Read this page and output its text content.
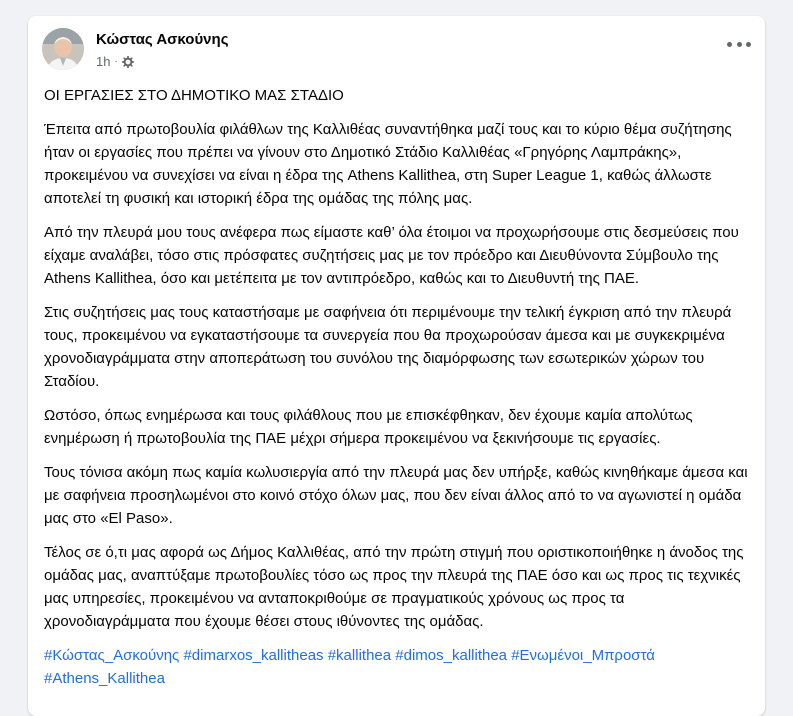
Κώστας Ασκούνης
1h ·

ΟΙ ΕΡΓΑΣΙΕΣ ΣΤΟ ΔΗΜΟΤΙΚΟ ΜΑΣ ΣΤΑΔΙΟ

Έπειτα από πρωτοβουλία φιλάθλων της Καλλιθέας συναντήθηκα μαζί τους και το κύριο θέμα συζήτησης ήταν οι εργασίες που πρέπει να γίνουν στο Δημοτικό Στάδιο Καλλιθέας «Γρηγόρης Λαμπράκης», προκειμένου να συνεχίσει να είναι η έδρα της Athens Kallithea, στη Super League 1, καθώς άλλωστε αποτελεί τη φυσική και ιστορική έδρα της ομάδας της πόλης μας.

Από την πλευρά μου τους ανέφερα πως είμαστε καθ’ όλα έτοιμοι να προχωρήσουμε στις δεσμεύσεις που είχαμε αναλάβει, τόσο στις πρόσφατες συζητήσεις μας με τον πρόεδρο και Διευθύνοντα Σύμβουλο της Athens Kallithea, όσο και μετέπειτα με τον αντιπρόεδρο, καθώς και το Διευθυντή της ΠΑΕ.

Στις συζητήσεις μας τους καταστήσαμε με σαφήνεια ότι περιμένουμε την τελική έγκριση από την πλευρά τους, προκειμένου να εγκαταστήσουμε τα συνεργεία που θα προχωρούσαν άμεσα και με συγκεκριμένα χρονοδιαγράμματα στην αποπεράτωση του συνόλου της διαμόρφωσης των εσωτερικών χώρων του Σταδίου.

Ωστόσο, όπως ενημέρωσα και τους φιλάθλους που με επισκέφθηκαν, δεν έχουμε καμία απολύτως ενημέρωση ή πρωτοβουλία της ΠΑΕ μέχρι σήμερα προκειμένου να ξεκινήσουμε τις εργασίες.

Τους τόνισα ακόμη πως καμία κωλυσιεργία από την πλευρά μας δεν υπήρξε, καθώς κινηθήκαμε άμεσα και με σαφήνεια προσηλωμένοι στο κοινό στόχο όλων μας, που δεν είναι άλλος από το να αγωνιστεί η ομάδα μας στο «El Paso».

Τέλος σε ό,τι μας αφορά ως Δήμος Καλλιθέας, από την πρώτη στιγμή που οριστικοποιήθηκε η άνοδος της ομάδας μας, αναπτύξαμε πρωτοβουλίες τόσο ως προς την πλευρά της ΠΑΕ όσο και ως προς τις τεχνικές μας υπηρεσίες, προκειμένου να ανταποκριθούμε σε πραγματικούς χρόνους ως προς τα χρονοδιαγράμματα που έχουμε θέσει στους ιθύνοντες της ομάδας.

#Κώστας_Ασκούνης #dimarxos_kallitheas #kallithea #dimos_kallithea #Ενωμένοι_Μπροστά #Athens_Kallithea
